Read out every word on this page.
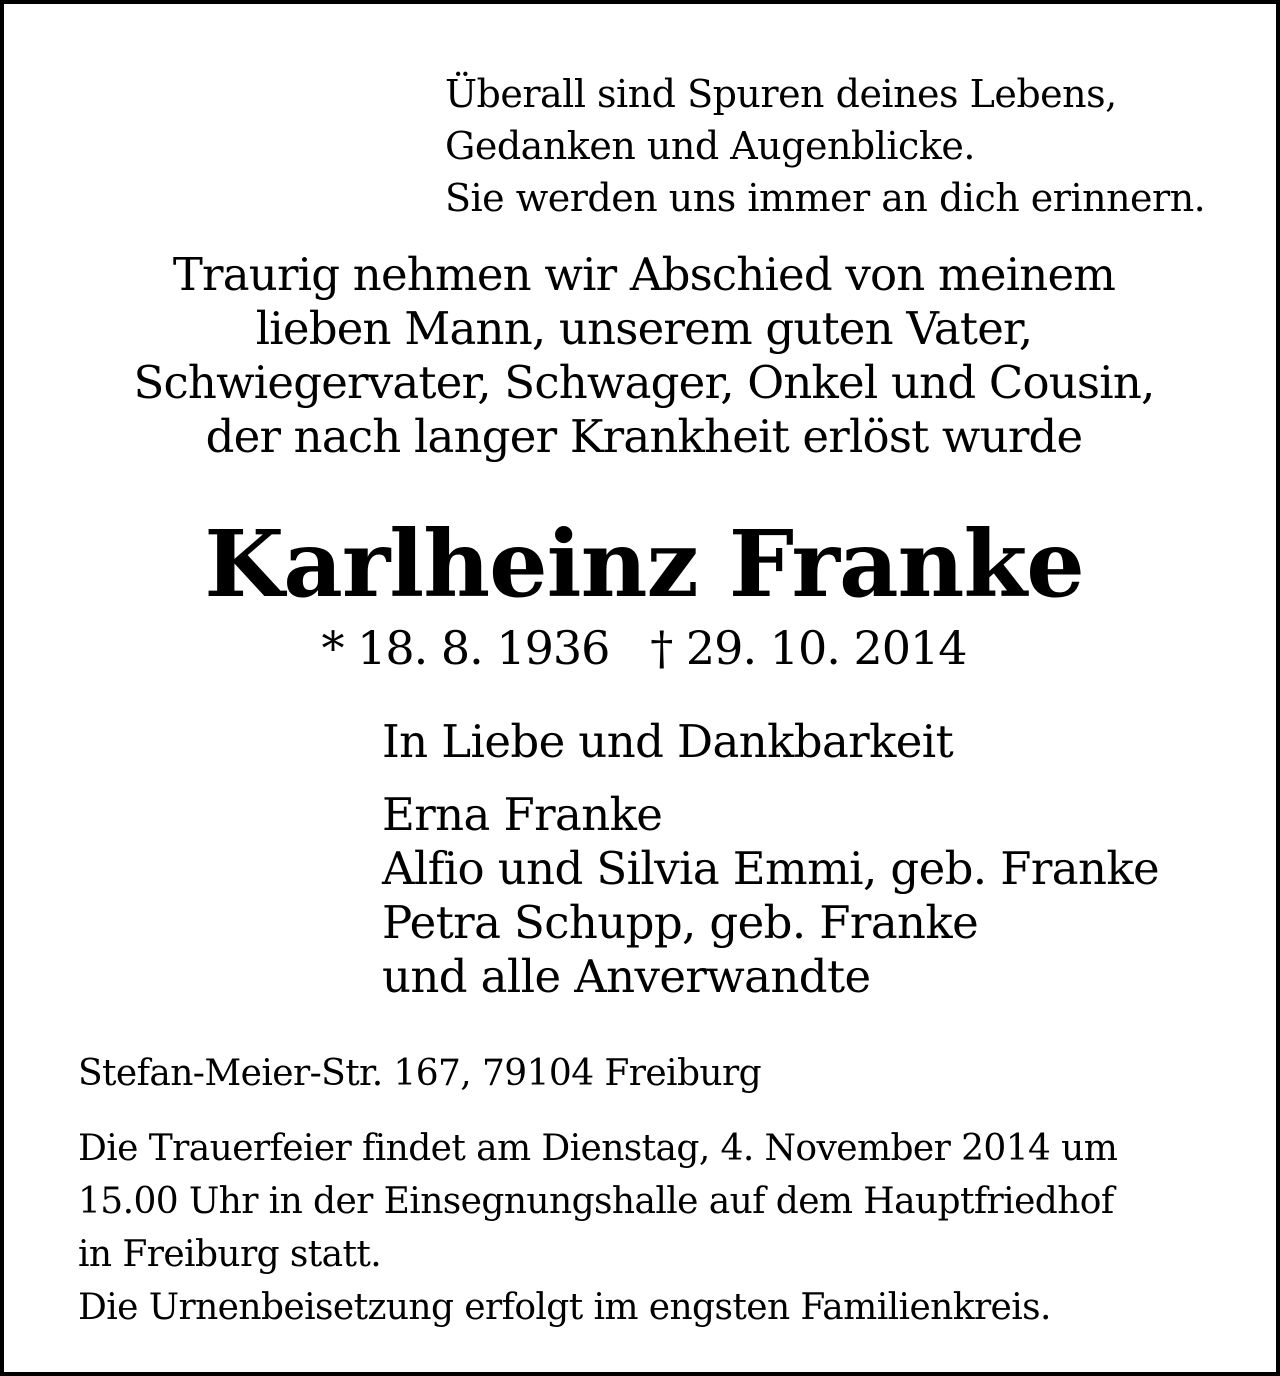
Überall sind Spuren deines Lebens,
Gedanken und Augenblicke.
Sie werden uns immer an dich erinnern.
Traurig nehmen wir Abschied von meinem
lieben Mann, unserem guten Vater,
Schwiegervater, Schwager, Onkel und Cousin,
der nach langer Krankheit erlöst wurde
Karlheinz Franke
* 18. 8. 1936   † 29. 10. 2014
In Liebe und Dankbarkeit
Erna Franke
Alfio und Silvia Emmi, geb. Franke
Petra Schupp, geb. Franke
und alle Anverwandte
Stefan-Meier-Str. 167, 79104 Freiburg
Die Trauerfeier findet am Dienstag, 4. November 2014 um
15.00 Uhr in der Einsegnungshalle auf dem Hauptfriedhof
in Freiburg statt.
Die Urnenbeisetzung erfolgt im engsten Familienkreis.
